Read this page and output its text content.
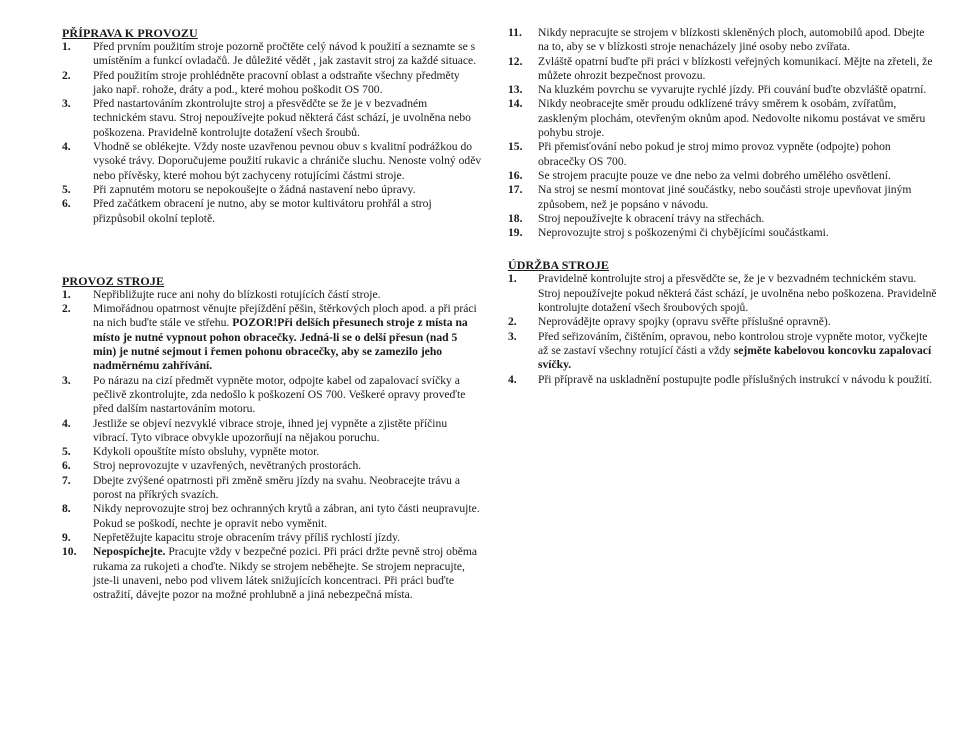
PŘÍPRAVA K PROVOZU

1. Před prvním použitím stroje pozorně pročtěte celý návod k použití a seznamte se s umístěním a funkcí ovladačů. Je důležité vědět , jak zastavit stroj za každé situace.
2. Před použitím stroje prohlédněte pracovní oblast a odstraňte všechny předměty jako např. rohože, dráty a pod., které mohou poškodit OS 700.
3. Před nastartováním zkontrolujte stroj a přesvědčte se že je v bezvadném technickém stavu. Stroj nepoužívejte pokud některá část schází, je uvolněna nebo poškozena. Pravidelně kontrolujte dotažení všech šroubů.
4. Vhodně se oblékejte. Vždy noste uzavřenou pevnou obuv s kvalitní podrážkou do vysoké trávy. Doporučujeme použití rukavic a chrániče sluchu. Nenoste volný oděv nebo přívěsky, které mohou být zachyceny rotujícími částmi stroje.
5. Při zapnutém motoru se nepokoušejte o žádná nastavení nebo úpravy.
6. Před začátkem obracení je nutno, aby se motor kultivátoru prohřál a stroj přizpůsobil okolní teplotě.

PROVOZ STROJE

1. Nepřibližujte ruce ani nohy do blízkosti rotujících částí stroje.
2. Mimořádnou opatrnost věnujte přejíždění pěšin, štěrkových ploch apod. a při práci na nich buďte stále ve střehu. POZOR!Při delších přesunech stroje z místa na místo je nutné vypnout pohon obracečky. Jedná-li se o delší přesun (nad 5 min) je nutné sejmout i řemen pohonu obracečky, aby se zamezilo jeho nadměrnému zahřívání.
3. Po nárazu na cizí předmět vypněte motor, odpojte kabel od zapalovací svíčky a pečlivě zkontrolujte, zda nedošlo k poškození OS 700. Veškeré opravy proveďte před dalším nastartováním motoru.
4. Jestliže se objeví nezvyklé vibrace stroje, ihned jej vypněte a zjistěte příčinu vibrací. Tyto vibrace obvykle upozorňují na nějakou poruchu.
5. Kdykoli opouštíte místo obsluhy, vypněte motor.
6. Stroj neprovozujte v uzavřených, nevětraných prostorách.
7. Dbejte zvýšené opatrnosti při změně směru jízdy na svahu. Neobracejte trávu a porost na příkrých svazích.
8. Nikdy neprovozujte stroj bez ochranných krytů a zábran, ani tyto části neupravujte. Pokud se poškodí, nechte je opravit nebo vyměnit.
9. Nepřetěžujte kapacitu stroje obracením trávy příliš rychlostí jízdy.
10. Nepospíchejte. Pracujte vždy v bezpečné pozici. Při práci držte pevně stroj oběma rukama za rukojeti a choďte. Nikdy se strojem neběhejte. Se strojem nepracujte, jste-li unaveni, nebo pod vlivem látek snižujících koncentraci. Při práci buďte ostražití, dávejte pozor na možné prohlubně a jiná nebezpečná místa.
11. Nikdy nepracujte se strojem v blízkosti skleněných ploch, automobilů apod. Dbejte na to, aby se v blízkosti stroje nenacházely jiné osoby nebo zvířata.
12. Zvláště opatrní buďte při práci v blízkosti veřejných komunikací. Mějte na zřeteli, že můžete ohrozit bezpečnost provozu.
13. Na kluzkém povrchu se vyvarujte rychlé jízdy. Při couvání buďte obzvláště opatrní.
14. Nikdy neobracejte směr proudu odklízené trávy směrem k osobám, zvířatům, zaskleným plochám, otevřeným oknům apod. Nedovolte nikomu postávat ve směru pohybu stroje.
15. Při přemisťování nebo pokud je stroj mimo provoz vypněte (odpojte) pohon obracečky OS 700.
16. Se strojem pracujte pouze ve dne nebo za velmi dobrého umělého osvětlení.
17. Na stroj se nesmí montovat jiné součástky, nebo součásti stroje upevňovat jiným způsobem, než je popsáno v návodu.
18. Stroj nepoužívejte k obracení trávy na střechách.
19. Neprovozujte stroj s poškozenými či chybějícími součástkami.

ÚDRŽBA STROJE

1. Pravidelně kontrolujte stroj a přesvědčte se, že je v bezvadném technickém stavu. Stroj nepoužívejte pokud některá část schází, je uvolněna nebo poškozena. Pravidelně kontrolujte dotažení všech šroubových spojů.
2. Neprovádějte opravy spojky (opravu svěřte příslušné opravně).
3. Před seřizováním, čištěním, opravou, nebo kontrolou stroje vypněte motor, vyčkejte až se zastaví všechny rotující části a vždy sejměte kabelovou koncovku zapalovací svíčky.
4. Při přípravě na uskladnění postupujte podle příslušných instrukcí v návodu k použití.
